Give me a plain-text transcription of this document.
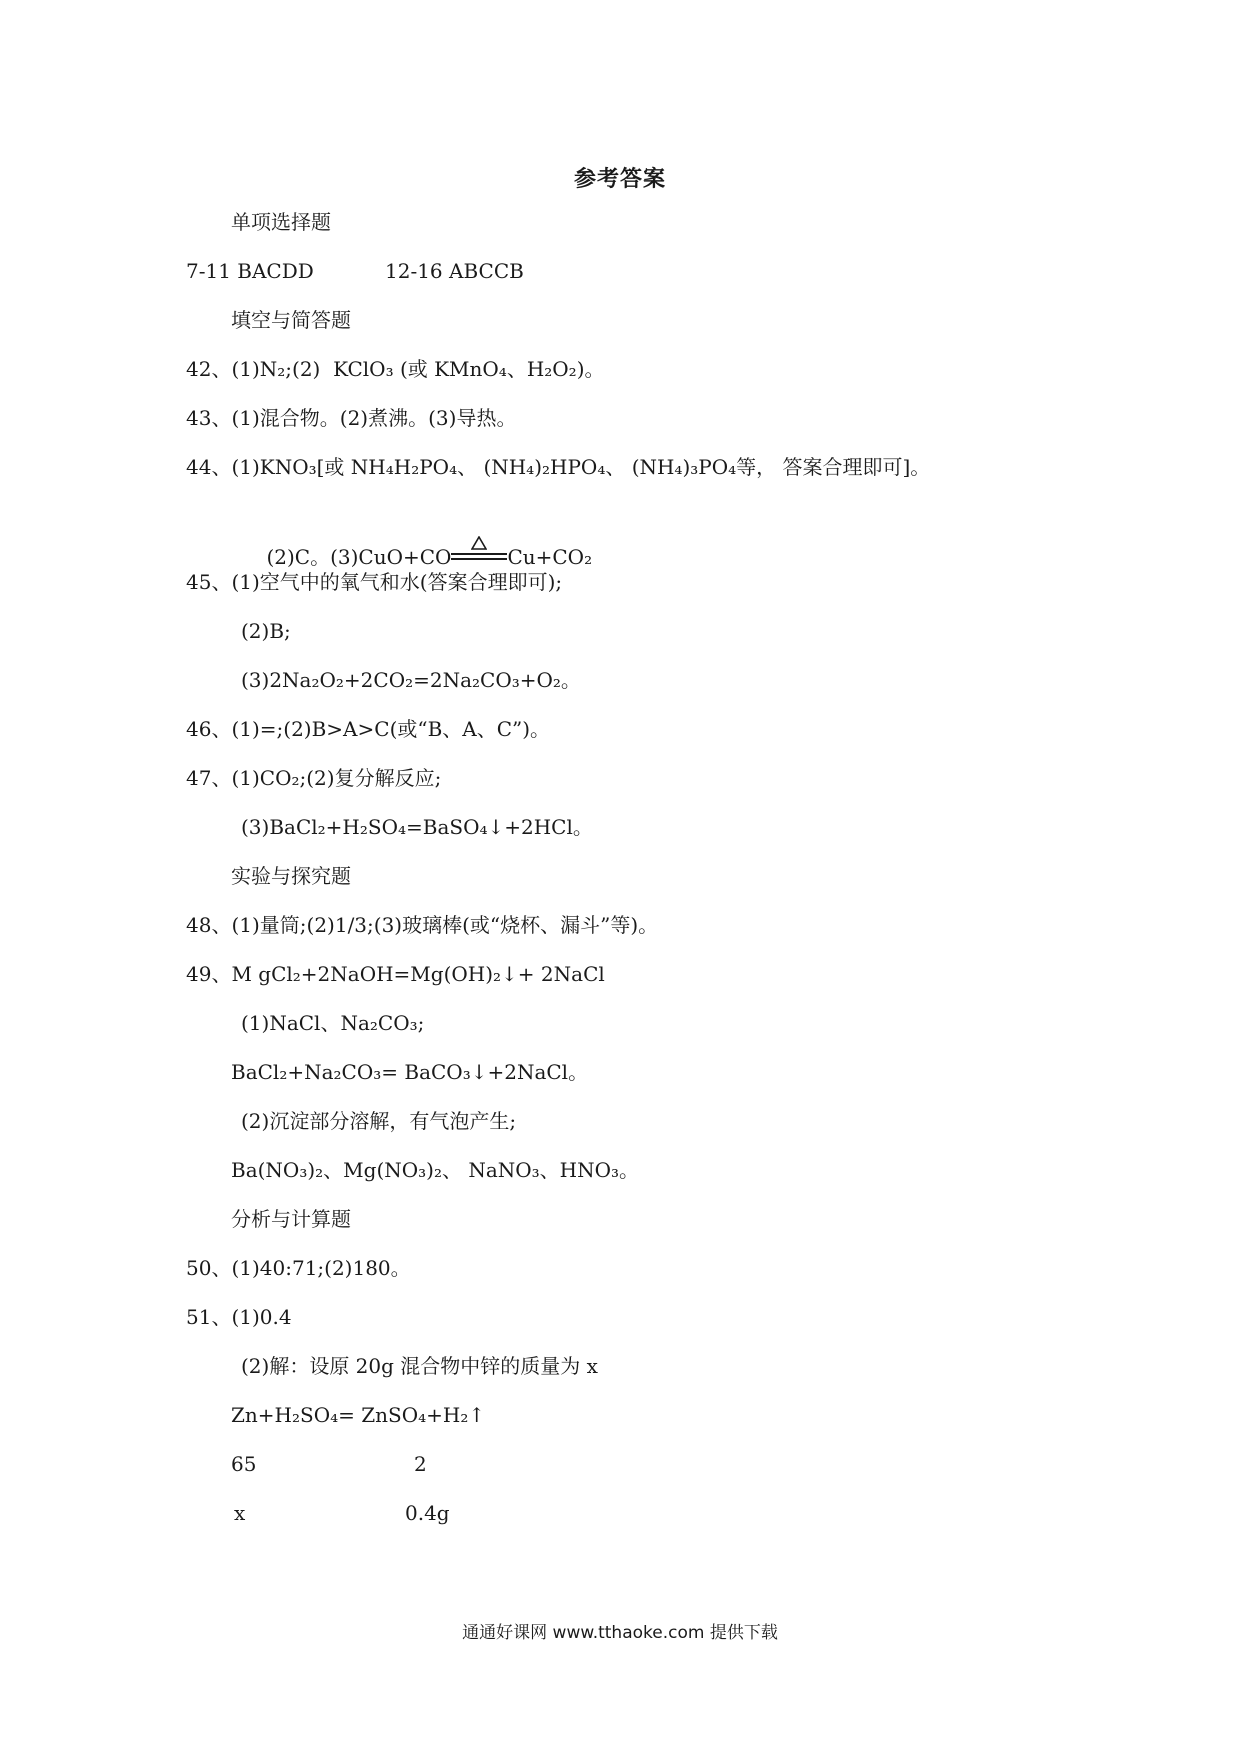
参考答案
单项选择题
7-11 BACDD	12-16 ABCCB
填空与简答题
42、(1)N₂;(2)  KClO₃ (或 KMnO₄、H₂O₂)。
43、(1)混合物。(2)煮沸。(3)导热。
44、(1)KNO₃[或 NH₄H₂PO₄、 (NH₄)₂HPO₄、 (NH₄)₃PO₄等， 答案合理即可]。

(2)C。(3)CuO+CO	Cu+CO₂

45、(1)空气中的氧气和水(答案合理即可);
(2)B;
(3)2Na₂O₂+2CO₂=2Na₂CO₃+O₂。
46、(1)=;(2)B>A>C(或“B、A、C”)。
47、(1)CO₂;(2)复分解反应;
(3)BaCl₂+H₂SO₄=BaSO₄↓+2HCl。
实验与探究题
48、(1)量筒;(2)1/3;(3)玻璃棒(或“烧杯、漏斗”等)。
49、M gCl₂+2NaOH=Mg(OH)₂↓+ 2NaCl
(1)NaCl、Na₂CO₃;
BaCl₂+Na₂CO₃= BaCO₃↓+2NaCl。
(2)沉淀部分溶解，有气泡产生;
Ba(NO₃)₂、Mg(NO₃)₂、 NaNO₃、HNO₃。
分析与计算题
50、(1)40:71;(2)180。
51、(1)0.4
(2)解：设原 20g 混合物中锌的质量为 x
Zn+H₂SO₄= ZnSO₄+H₂↑
65	2
x	0.4g
通通好课网 www.tthaoke.com 提供下载
